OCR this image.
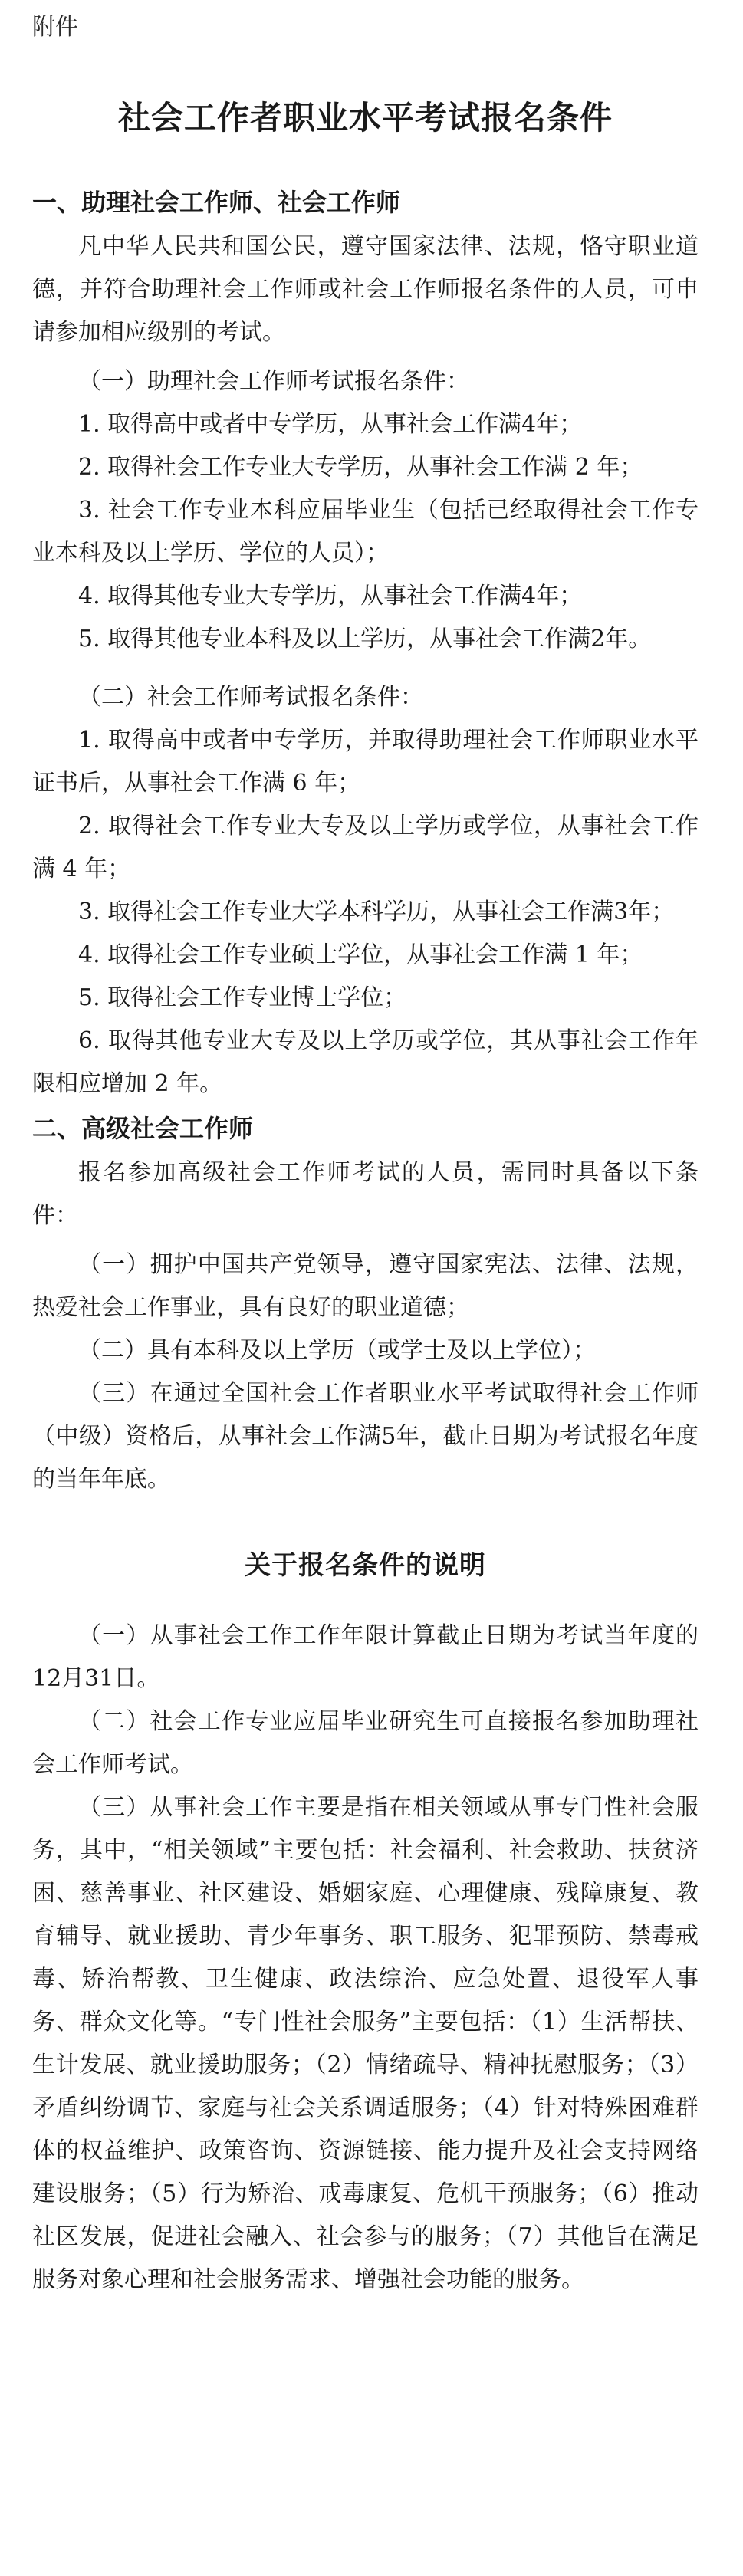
附件

社会工作者职业水平考试报名条件
一、助理社会工作师、社会工作师

凡中华人民共和国公民，遵守国家法律、法规，恪守职业道德，并符合助理社会工作师或社会工作师报名条件的人员，可申请参加相应级别的考试。

（一）助理社会工作师考试报名条件：

1. 取得高中或者中专学历，从事社会工作满4年；

2. 取得社会工作专业大专学历，从事社会工作满 2 年；

3. 社会工作专业本科应届毕业生（包括已经取得社会工作专业本科及以上学历、学位的人员）；

4. 取得其他专业大专学历，从事社会工作满4年；

5. 取得其他专业本科及以上学历，从事社会工作满2年。

（二）社会工作师考试报名条件：

1. 取得高中或者中专学历，并取得助理社会工作师职业水平证书后，从事社会工作满 6 年；

2. 取得社会工作专业大专及以上学历或学位，从事社会工作满 4 年；

3. 取得社会工作专业大学本科学历，从事社会工作满3年；

4. 取得社会工作专业硕士学位，从事社会工作满 1 年；

5. 取得社会工作专业博士学位；

6. 取得其他专业大专及以上学历或学位，其从事社会工作年限相应增加 2 年。

二、高级社会工作师

报名参加高级社会工作师考试的人员，需同时具备以下条件：

（一）拥护中国共产党领导，遵守国家宪法、法律、法规，热爱社会工作事业，具有良好的职业道德；

（二）具有本科及以上学历（或学士及以上学位）；

（三）在通过全国社会工作者职业水平考试取得社会工作师（中级）资格后，从事社会工作满5年，截止日期为考试报名年度的当年年底。

关于报名条件的说明

（一）从事社会工作工作年限计算截止日期为考试当年度的12月31日。

（二）社会工作专业应届毕业研究生可直接报名参加助理社会工作师考试。

（三）从事社会工作主要是指在相关领域从事专门性社会服务，其中，“相关领域”主要包括：社会福利、社会救助、扶贫济困、慈善事业、社区建设、婚姻家庭、心理健康、残障康复、教育辅导、就业援助、青少年事务、职工服务、犯罪预防、禁毒戒毒、矫治帮教、卫生健康、政法综治、应急处置、退役军人事务、群众文化等。“专门性社会服务”主要包括：（1）生活帮扶、生计发展、就业援助服务；（2）情绪疏导、精神抚慰服务；（3）矛盾纠纷调节、家庭与社会关系调适服务；（4）针对特殊困难群体的权益维护、政策咨询、资源链接、能力提升及社会支持网络建设服务；（5）行为矫治、戒毒康复、危机干预服务；（6）推动社区发展，促进社会融入、社会参与的服务；（7）其他旨在满足服务对象心理和社会服务需求、增强社会功能的服务。
